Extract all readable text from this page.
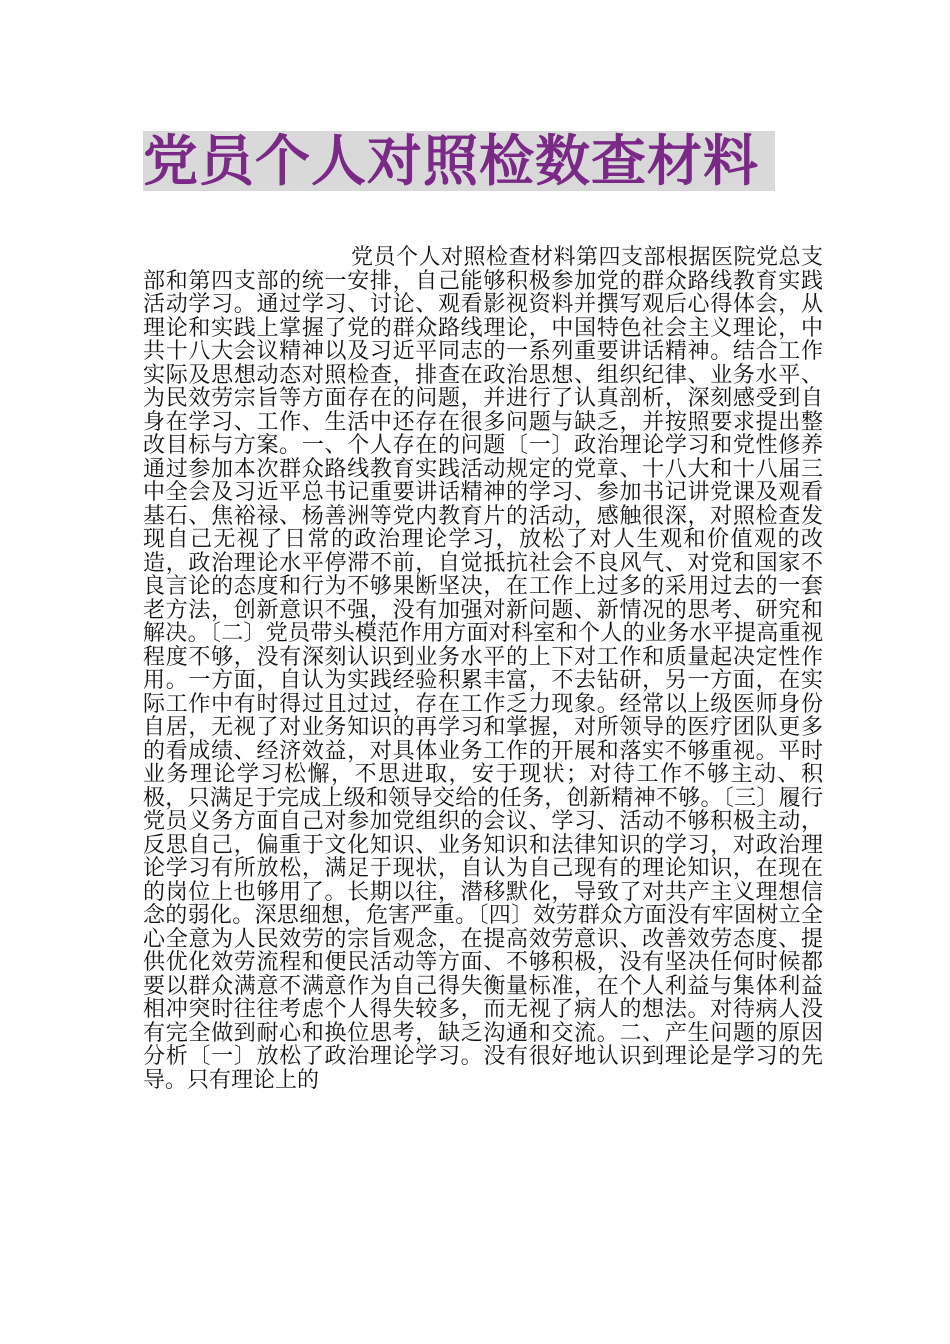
党员个人对照检数查材料

党员个人对照检查材料第四支部根据医院党总支部和第四支部的统一安排，自己能够积极参加党的群众路线教育实践活动学习。通过学习、讨论、观看影视资料并撰写观后心得体会，从理论和实践上掌握了党的群众路线理论，中国特色社会主义理论，中共十八大会议精神以及习近平同志的一系列重要讲话精神。结合工作实际及思想动态对照检查，排查在政治思想、组织纪律、业务水平、为民效劳宗旨等方面存在的问题，并进行了认真剖析，深刻感受到自身在学习、工作、生活中还存在很多问题与缺乏，并按照要求提出整改目标与方案。一、个人存在的问题〔一〕政治理论学习和党性修养通过参加本次群众路线教育实践活动规定的党章、十八大和十八届三中全会及习近平总书记重要讲话精神的学习、参加书记讲党课及观看基石、焦裕禄、杨善洲等党内教育片的活动，感触很深，对照检查发现自己无视了日常的政治理论学习，放松了对人生观和价值观的改造，政治理论水平停滞不前，自觉抵抗社会不良风气、对党和国家不良言论的态度和行为不够果断坚决，在工作上过多的采用过去的一套老方法，创新意识不强，没有加强对新问题、新情况的思考、研究和解决。〔二〕党员带头模范作用方面对科室和个人的业务水平提高重视程度不够，没有深刻认识到业务水平的上下对工作和质量起决定性作用。一方面，自认为实践经验积累丰富，不去钻研，另一方面，在实际工作中有时得过且过过，存在工作乏力现象。经常以上级医师身份自居，无视了对业务知识的再学习和掌握，对所领导的医疗团队更多的看成绩、经济效益，对具体业务工作的开展和落实不够重视。平时业务理论学习松懈，不思进取，安于现状；对待工作不够主动、积极，只满足于完成上级和领导交给的任务，创新精神不够。〔三〕履行党员义务方面自己对参加党组织的会议、学习、活动不够积极主动，反思自己，偏重于文化知识、业务知识和法律知识的学习，对政治理论学习有所放松，满足于现状，自认为自己现有的理论知识，在现在的岗位上也够用了。长期以往，潜移默化，导致了对共产主义理想信念的弱化。深思细想，危害严重。〔四〕效劳群众方面没有牢固树立全心全意为人民效劳的宗旨观念，在提高效劳意识、改善效劳态度、提供优化效劳流程和便民活动等方面、不够积极，没有坚决任何时候都要以群众满意不满意作为自己得失衡量标准，在个人利益与集体利益相冲突时往往考虑个人得失较多，而无视了病人的想法。对待病人没有完全做到耐心和换位思考，缺乏沟通和交流。二、产生问题的原因分析〔一〕放松了政治理论学习。没有很好地认识到理论是学习的先导。只有理论上的
